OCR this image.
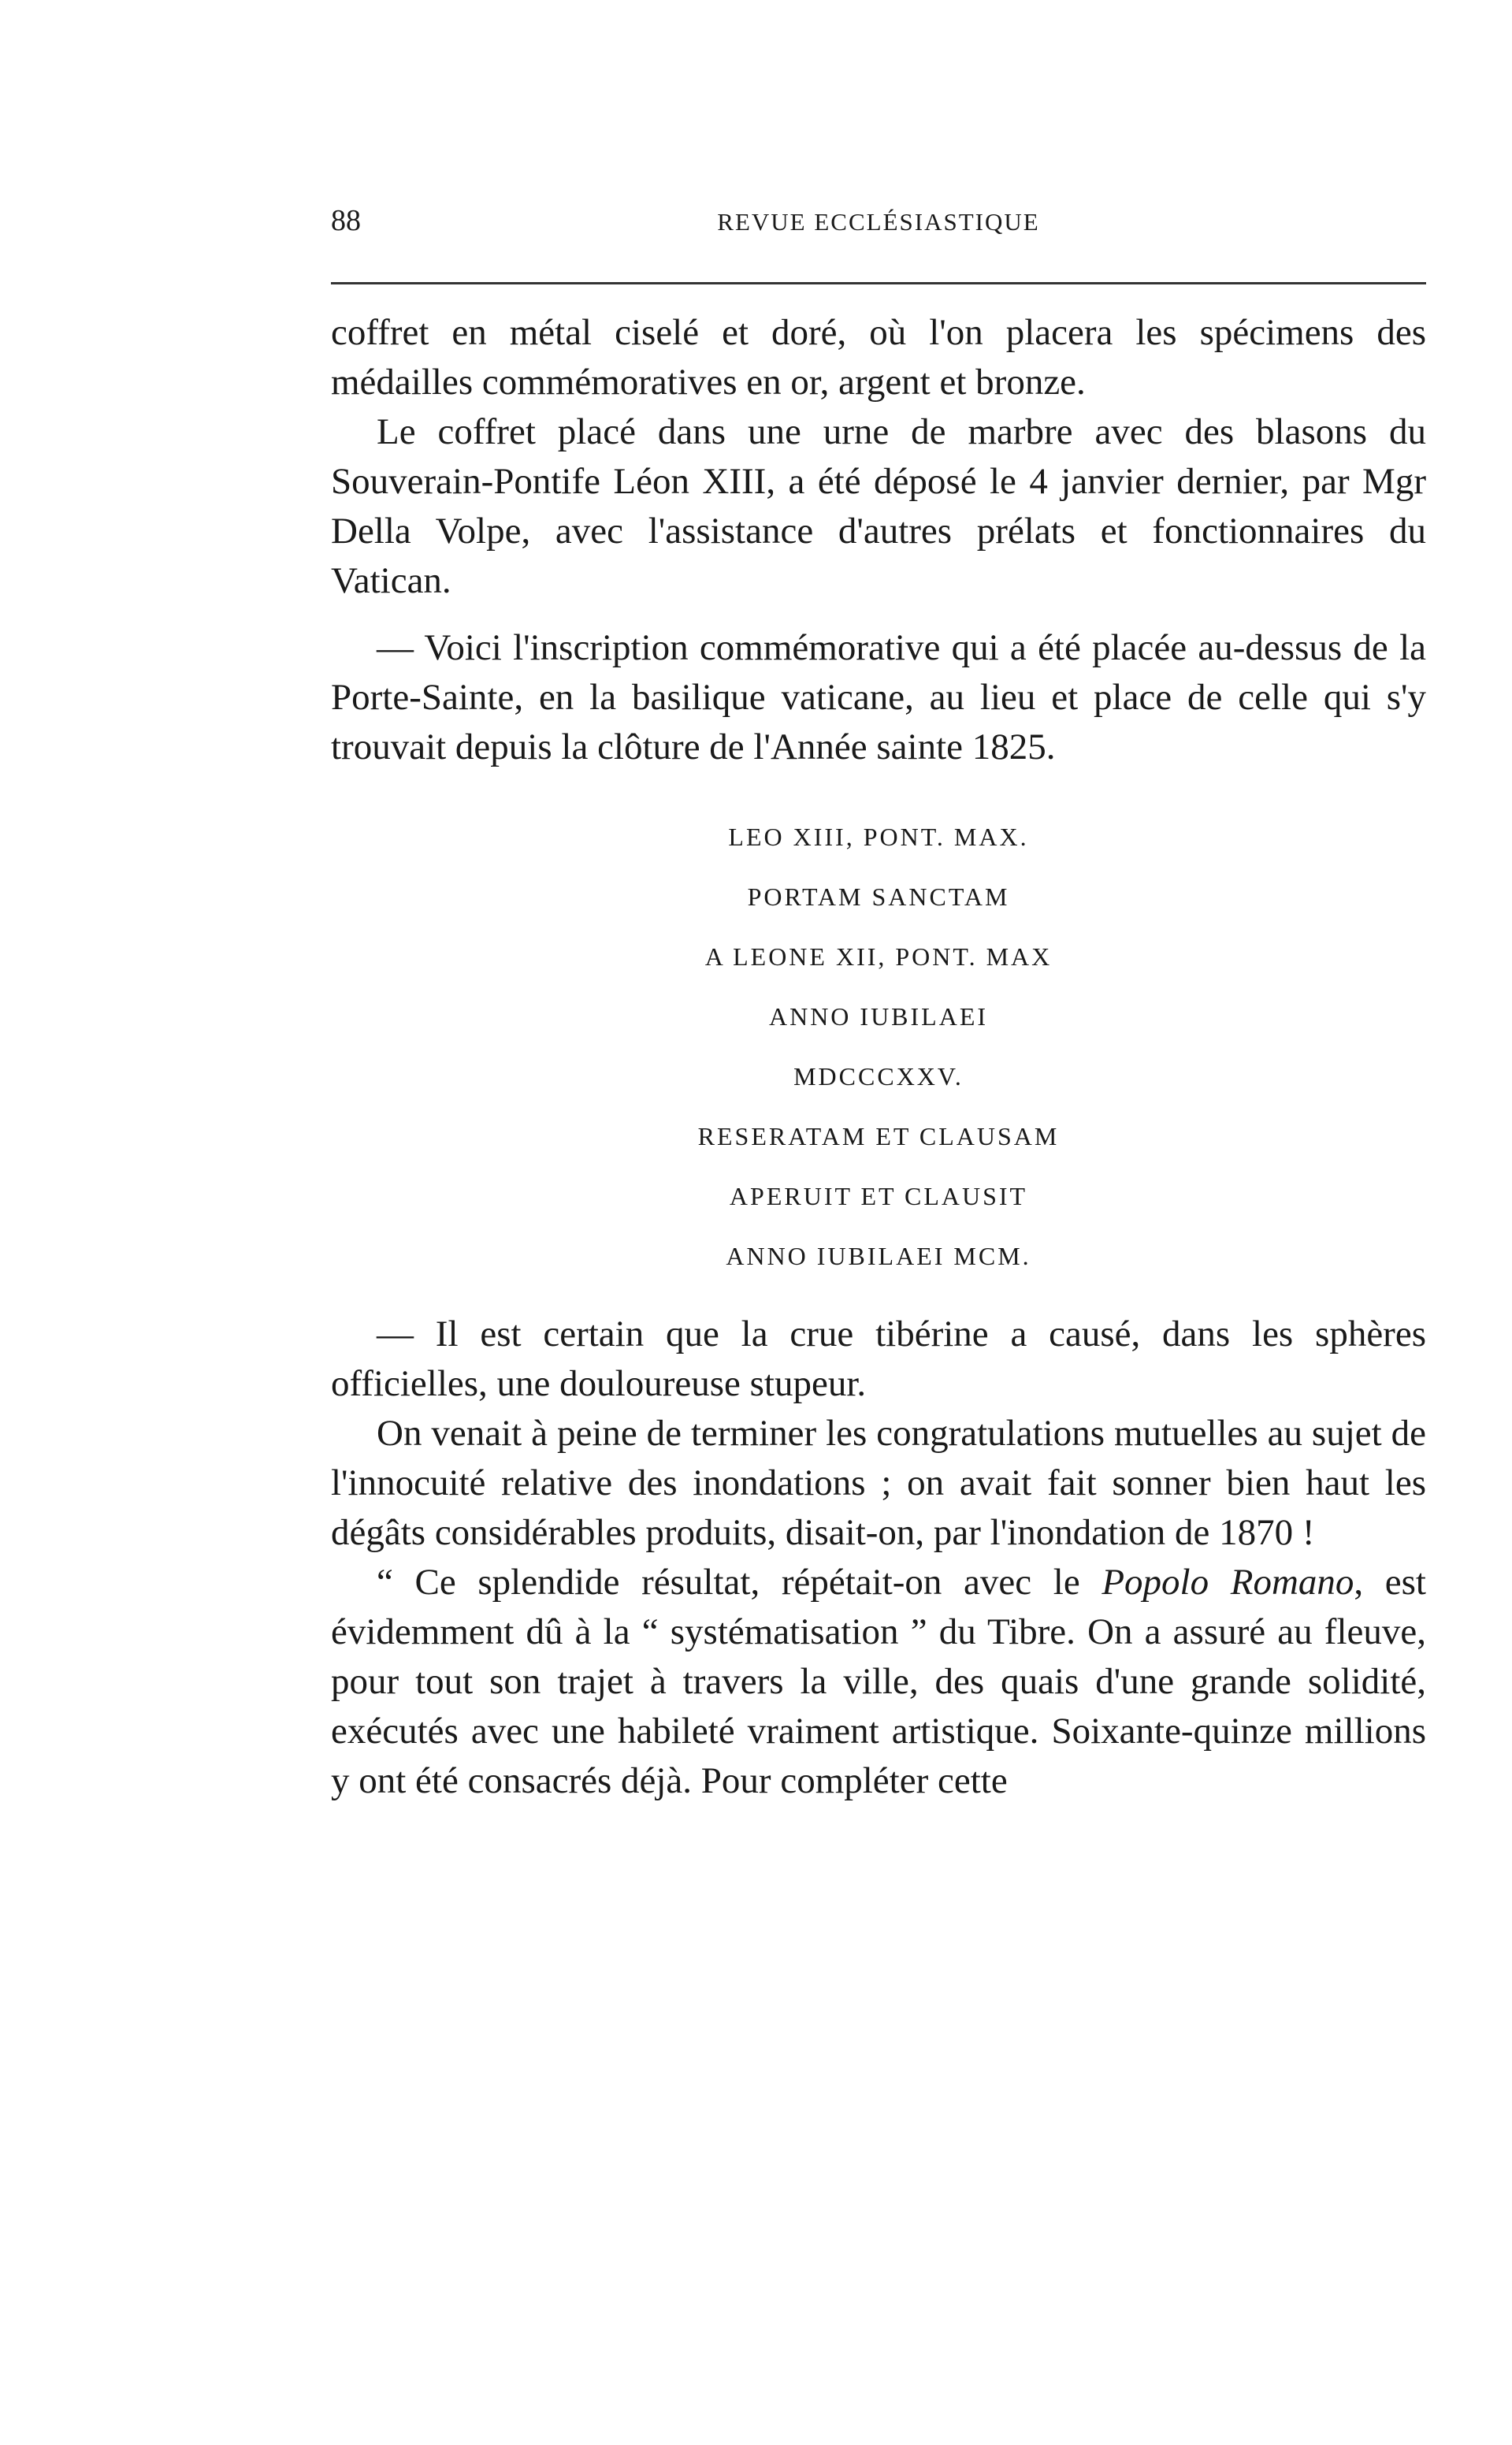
88	REVUE ECCLÉSIASTIQUE

coffret en métal ciselé et doré, où l'on placera les spécimens des médailles commémoratives en or, argent et bronze.

Le coffret placé dans une urne de marbre avec des blasons du Souverain-Pontife Léon XIII, a été déposé le 4 janvier dernier, par Mgr Della Volpe, avec l'assistance d'autres prélats et fonctionnaires du Vatican.

— Voici l'inscription commémorative qui a été placée au-dessus de la Porte-Sainte, en la basilique vaticane, au lieu et place de celle qui s'y trouvait depuis la clôture de l'Année sainte 1825.

LEO XIII, PONT. MAX.
PORTAM SANCTAM
A LEONE XII, PONT. MAX
ANNO IUBILAEI
MDCCCXXV.
RESERATAM ET CLAUSAM
APERUIT ET CLAUSIT
ANNO IUBILAEI MCM.

— Il est certain que la crue tibérine a causé, dans les sphères officielles, une douloureuse stupeur.

On venait à peine de terminer les congratulations mutuelles au sujet de l'innocuité relative des inondations ; on avait fait sonner bien haut les dégâts considérables produits, disait-on, par l'inondation de 1870 !

“ Ce splendide résultat, répétait-on avec le Popolo Romano, est évidemment dû à la “ systématisation ” du Tibre. On a assuré au fleuve, pour tout son trajet à travers la ville, des quais d'une grande solidité, exécutés avec une habileté vraiment artistique. Soixante-quinze millions y ont été consacrés déjà. Pour compléter cette
